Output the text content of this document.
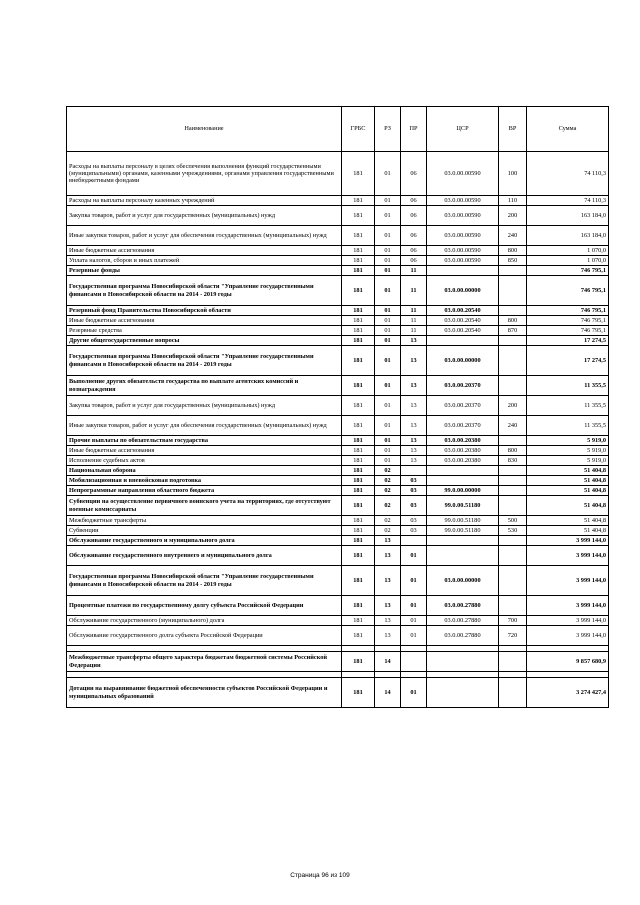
Наименование	ГРБС	РЗ	ПР	ЦСР	ВР	Сумма
Расходы на выплаты персоналу в целях обеспечения выполнения функций государственными (муниципальными) органами, казенными учреждениями, органами управления государственными внебюджетными фондами	181	01	06	03.0.00.00590	100	74 110,3
Расходы на выплаты персоналу казенных учреждений	181	01	06	03.0.00.00590	110	74 110,3
Закупка товаров, работ и услуг для государственных (муниципальных) нужд	181	01	06	03.0.00.00590	200	163 184,0
Иные закупки товаров, работ и услуг для обеспечения государственных (муниципальных) нужд	181	01	06	03.0.00.00590	240	163 184,0
Иные бюджетные ассигнования	181	01	06	03.0.00.00590	800	1 070,0
Уплата налогов, сборов и иных платежей	181	01	06	03.0.00.00590	850	1 070,0
Резервные фонды	181	01	11			746 795,1
Государственная программа Новосибирской области "Управление государственными финансами в Новосибирской области на 2014 - 2019 годы	181	01	11	03.0.00.00000		746 795,1
Резервный фонд Правительства Новосибирской области	181	01	11	03.0.00.20540		746 795,1
Иные бюджетные ассигнования	181	01	11	03.0.00.20540	800	746 795,1
Резервные средства	181	01	11	03.0.00.20540	870	746 795,1
Другие общегосударственные вопросы	181	01	13			17 274,5
Государственная программа Новосибирской области "Управление государственными финансами в Новосибирской области на 2014 - 2019 годы	181	01	13	03.0.00.00000		17 274,5
Выполнение других обязательств государства по выплате агентских комиссий и вознаграждения	181	01	13	03.0.00.20370		11 355,5
Закупка товаров, работ и услуг для государственных (муниципальных) нужд	181	01	13	03.0.00.20370	200	11 355,5
Иные закупки товаров, работ и услуг для обеспечения государственных (муниципальных) нужд	181	01	13	03.0.00.20370	240	11 355,5
Прочие выплаты по обязательствам государства	181	01	13	03.0.00.20380		5 919,0
Иные бюджетные ассигнования	181	01	13	03.0.00.20380	800	5 919,0
Исполнение судебных актов	181	01	13	03.0.00.20380	830	5 919,0
Национальная оборона	181	02				51 404,8
Мобилизационная и вневойсковая подготовка	181	02	03			51 404,8
Непрограммные направления областного бюджета	181	02	03	99.0.00.00000		51 404,8
Субвенции на осуществление первичного воинского учета на территориях, где отсутствуют военные комиссариаты	181	02	03	99.0.00.51180		51 404,8
Межбюджетные трансферты	181	02	03	99.0.00.51180	500	51 404,8
Субвенции	181	02	03	99.0.00.51180	530	51 404,8
Обслуживание государственного и муниципального долга	181	13				3 999 144,0
Обслуживание государственного внутреннего и муниципального долга	181	13	01			3 999 144,0
Государственная программа Новосибирской области "Управление государственными финансами в Новосибирской области на 2014 - 2019 годы	181	13	01	03.0.00.00000		3 999 144,0
Процентные платежи по государственному долгу субъекта Российской Федерации	181	13	01	03.0.00.27880		3 999 144,0
Обслуживание государственного (муниципального) долга	181	13	01	03.0.00.27880	700	3 999 144,0
Обслуживание государственного долга субъекта Российской Федерации	181	13	01	03.0.00.27880	720	3 999 144,0

Межбюджетные трансферты общего характера бюджетам бюджетной системы Российской Федерации	181	14				9 857 680,9

Дотации на выравнивание бюджетной обеспеченности субъектов Российской Федерации и муниципальных образований	181	14	01			3 274 427,4
Страница 96 из 109
